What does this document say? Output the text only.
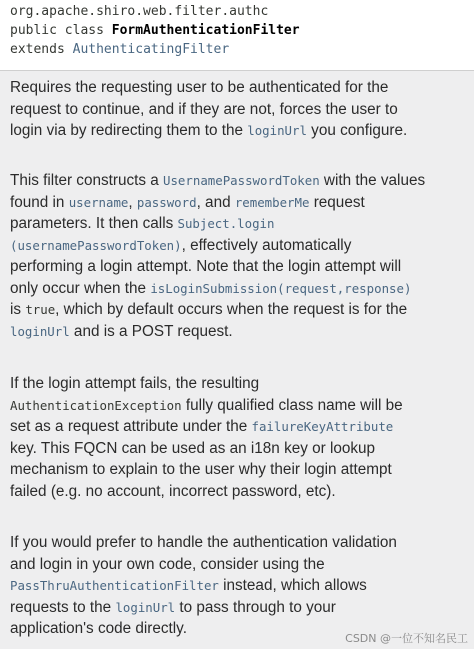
org.apache.shiro.web.filter.authc
public class FormAuthenticationFilter
extends AuthenticatingFilter
Requires the requesting user to be authenticated for the
request to continue, and if they are not, forces the user to
login via by redirecting them to the loginUrl you configure.
This filter constructs a UsernamePasswordToken with the values
found in username, password, and rememberMe request
parameters. It then calls Subject.login
(usernamePasswordToken), effectively automatically
performing a login attempt. Note that the login attempt will
only occur when the isLoginSubmission(request,response)
is true, which by default occurs when the request is for the
loginUrl and is a POST request.
If the login attempt fails, the resulting
AuthenticationException fully qualified class name will be
set as a request attribute under the failureKeyAttribute
key. This FQCN can be used as an i18n key or lookup
mechanism to explain to the user why their login attempt
failed (e.g. no account, incorrect password, etc).
If you would prefer to handle the authentication validation
and login in your own code, consider using the
PassThruAuthenticationFilter instead, which allows
requests to the loginUrl to pass through to your
application's code directly.
CSDN @一位不知名民工
